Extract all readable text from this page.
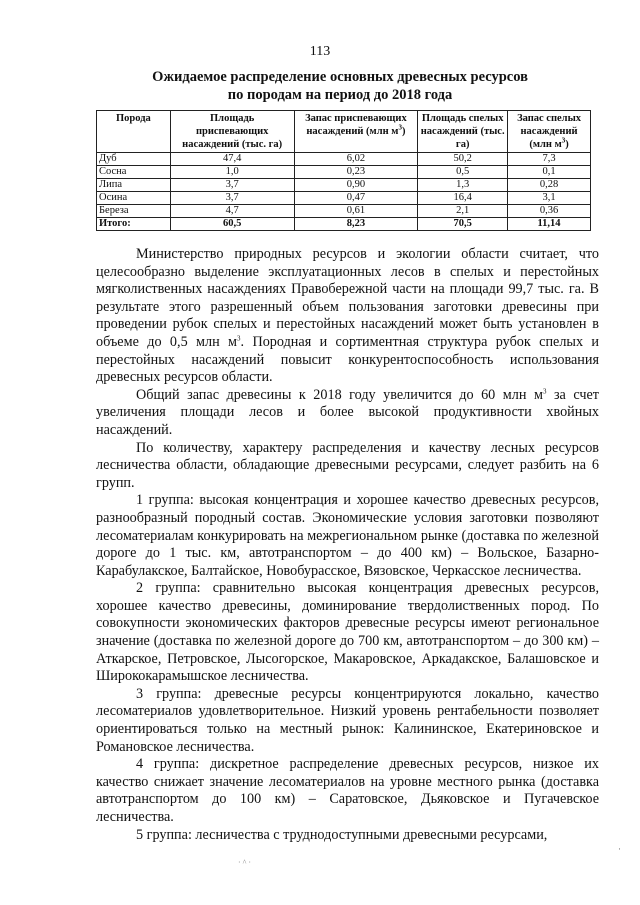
113
Ожидаемое распределение основных древесных ресурсов
по породам на период до 2018 года
Порода	Площадь приспевающих насаждений (тыс. га)	Запас приспевающих насаждений (млн $м^3$)	Площадь спелых насаждений (тыс. га)	Запас спелых насаждений (млн $м^3$)
Дуб	47,4	6,02	50,2	7,3
Сосна	1,0	0,23	0,5	0,1
Липа	3,7	0,90	1,3	0,28
Осина	3,7	0,47	16,4	3,1
Береза	4,7	0,61	2,1	0,36
Итого:	60,5	8,23	70,5	11,14

Министерство природных ресурсов и экологии области считает, что целесообразно выделение эксплуатационных лесов в спелых и перестойных мягколиственных насаждениях Правобережной части на площади 99,7 тыс. га. В результате этого разрешенный объем пользования заготовки древесины при проведении рубок спелых и перестойных насаждений может быть установлен в объеме до 0,5 млн $м^3$. Породная и сортиментная структура рубок спелых и перестойных насаждений повысит конкурентоспособность использования древесных ресурсов области.

Общий запас древесины к 2018 году увеличится до 60 млн $м^3$ за счет увеличения площади лесов и более высокой продуктивности хвойных насаждений.

По количеству, характеру распределения и качеству лесных ресурсов лесничества области, обладающие древесными ресурсами, следует разбить на 6 групп.

1 группа: высокая концентрация и хорошее качество древесных ресурсов, разнообразный породный состав. Экономические условия заготовки позволяют лесоматериалам конкурировать на межрегиональном рынке (доставка по железной дороге до 1 тыс. км, автотранспортом – до 400 км) – Вольское, Базарно-Карабулакское, Балтайское, Новобурасское, Вязовское, Черкасское лесничества.

2 группа: сравнительно высокая концентрация древесных ресурсов, хорошее качество древесины, доминирование твердолиственных пород. По совокупности экономических факторов древесные ресурсы имеют региональное значение (доставка по железной дороге до 700 км, автотранспортом – до 300 км) – Аткарское, Петровское, Лысогорское, Макаровское, Аркадакское, Балашовское и Ширококарамышское лесничества.

3 группа: древесные ресурсы концентрируются локально, качество лесоматериалов удовлетворительное. Низкий уровень рентабельности позволяет ориентироваться только на местный рынок: Калининское, Екатериновское и Романовское лесничества.

4 группа: дискретное распределение древесных ресурсов, низкое их качество снижает значение лесоматериалов на уровне местного рынка (доставка автотранспортом до 100 км) – Саратовское, Дьяковское и Пугачевское лесничества.

5 группа: лесничества с труднодоступными древесными ресурсами,

· ^ ·
·
